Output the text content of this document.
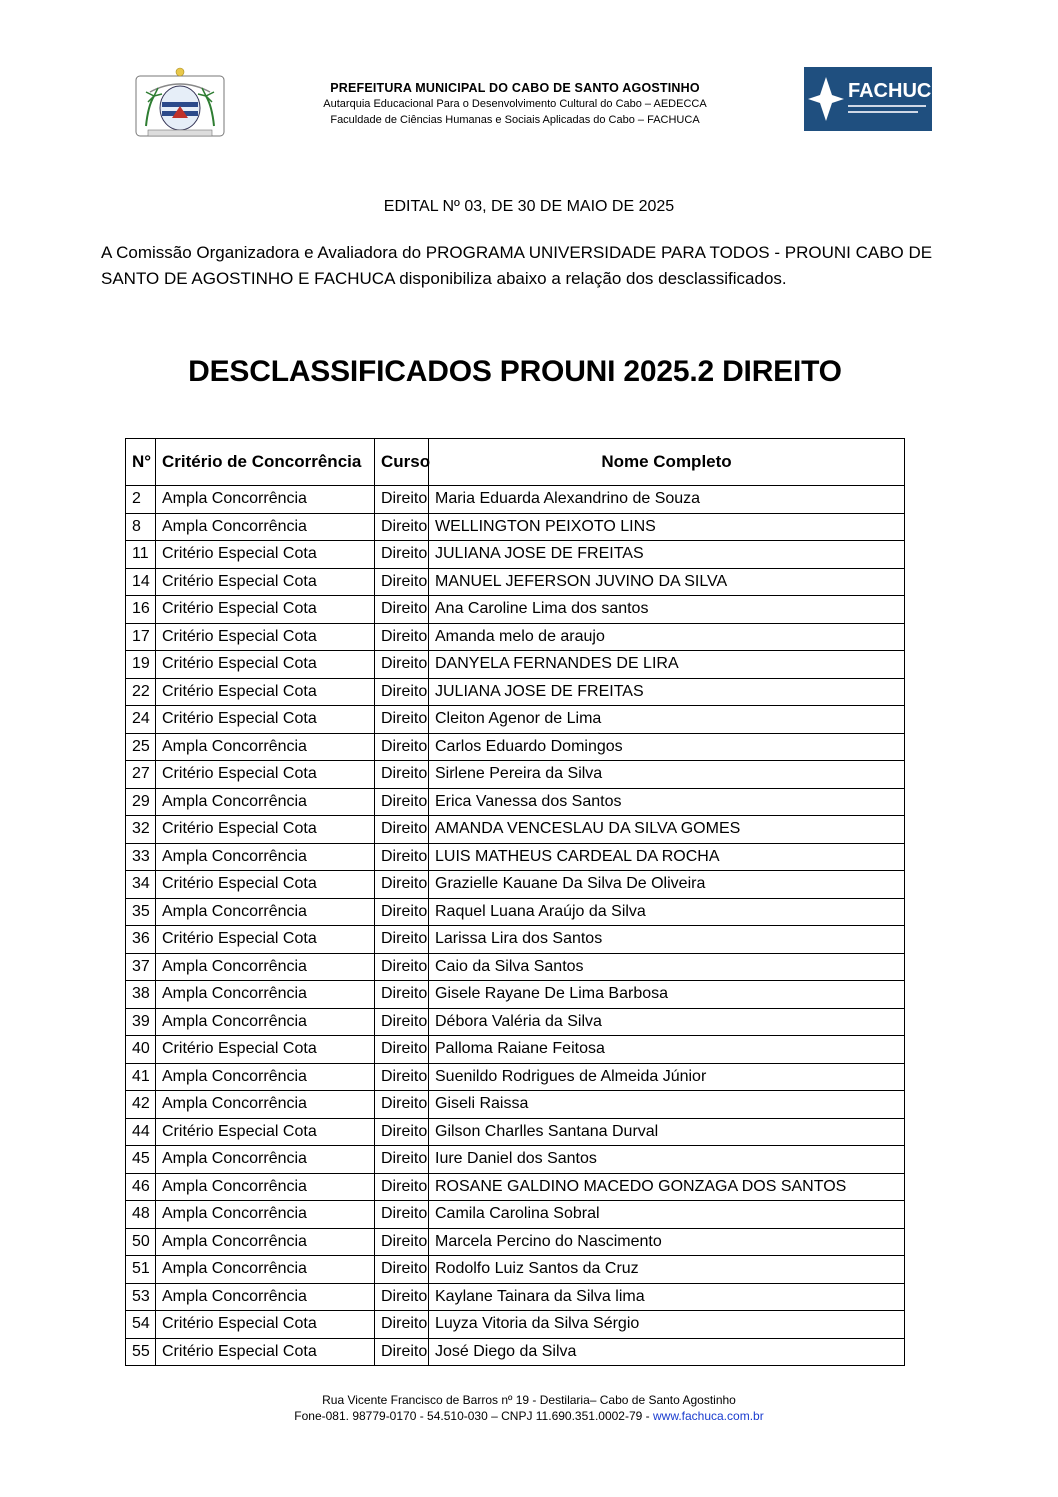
PREFEITURA MUNICIPAL DO CABO DE SANTO AGOSTINHO
Autarquia Educacional Para o Desenvolvimento Cultural do Cabo – AEDECCA
Faculdade de Ciências Humanas e Sociais Aplicadas do Cabo – FACHUCA
FACHUCA
EDITAL Nº 03, DE 30 DE MAIO DE 2025
A Comissão Organizadora e Avaliadora do PROGRAMA UNIVERSIDADE PARA TODOS - PROUNI CABO DE SANTO DE AGOSTINHO E FACHUCA disponibiliza abaixo a relação dos desclassificados.
DESCLASSIFICADOS PROUNI 2025.2 DIREITO
N°	Critério de Concorrência	Curso	Nome Completo
2	Ampla Concorrência	Direito	Maria Eduarda Alexandrino de Souza
8	Ampla Concorrência	Direito	WELLINGTON PEIXOTO LINS
11	Critério Especial Cota	Direito	JULIANA JOSE DE FREITAS
14	Critério Especial Cota	Direito	MANUEL JEFERSON JUVINO DA SILVA
16	Critério Especial Cota	Direito	Ana Caroline Lima dos santos
17	Critério Especial Cota	Direito	Amanda melo de araujo
19	Critério Especial Cota	Direito	DANYELA FERNANDES DE LIRA
22	Critério Especial Cota	Direito	JULIANA JOSE DE FREITAS
24	Critério Especial Cota	Direito	Cleiton Agenor de Lima
25	Ampla Concorrência	Direito	Carlos Eduardo Domingos
27	Critério Especial Cota	Direito	Sirlene Pereira da Silva
29	Ampla Concorrência	Direito	Erica Vanessa dos Santos
32	Critério Especial Cota	Direito	AMANDA VENCESLAU DA SILVA GOMES
33	Ampla Concorrência	Direito	LUIS MATHEUS CARDEAL DA ROCHA
34	Critério Especial Cota	Direito	Grazielle Kauane Da Silva De Oliveira
35	Ampla Concorrência	Direito	Raquel Luana Araújo da Silva
36	Critério Especial Cota	Direito	Larissa Lira dos Santos
37	Ampla Concorrência	Direito	Caio da Silva Santos
38	Ampla Concorrência	Direito	Gisele Rayane De Lima Barbosa
39	Ampla Concorrência	Direito	Débora Valéria da Silva
40	Critério Especial Cota	Direito	Palloma Raiane Feitosa
41	Ampla Concorrência	Direito	Suenildo Rodrigues de Almeida Júnior
42	Ampla Concorrência	Direito	Giseli Raissa
44	Critério Especial Cota	Direito	Gilson Charlles Santana Durval
45	Ampla Concorrência	Direito	Iure Daniel dos Santos
46	Ampla Concorrência	Direito	ROSANE GALDINO MACEDO GONZAGA DOS SANTOS
48	Ampla Concorrência	Direito	Camila Carolina Sobral
50	Ampla Concorrência	Direito	Marcela Percino do Nascimento
51	Ampla Concorrência	Direito	Rodolfo Luiz Santos da Cruz
53	Ampla Concorrência	Direito	Kaylane Tainara da Silva lima
54	Critério Especial Cota	Direito	Luyza Vitoria da Silva Sérgio
55	Critério Especial Cota	Direito	José Diego da Silva
Rua Vicente Francisco de Barros nº 19 - Destilaria– Cabo de Santo Agostinho
Fone-081. 98779-0170 - 54.510-030 – CNPJ 11.690.351.0002-79 - www.fachuca.com.br
